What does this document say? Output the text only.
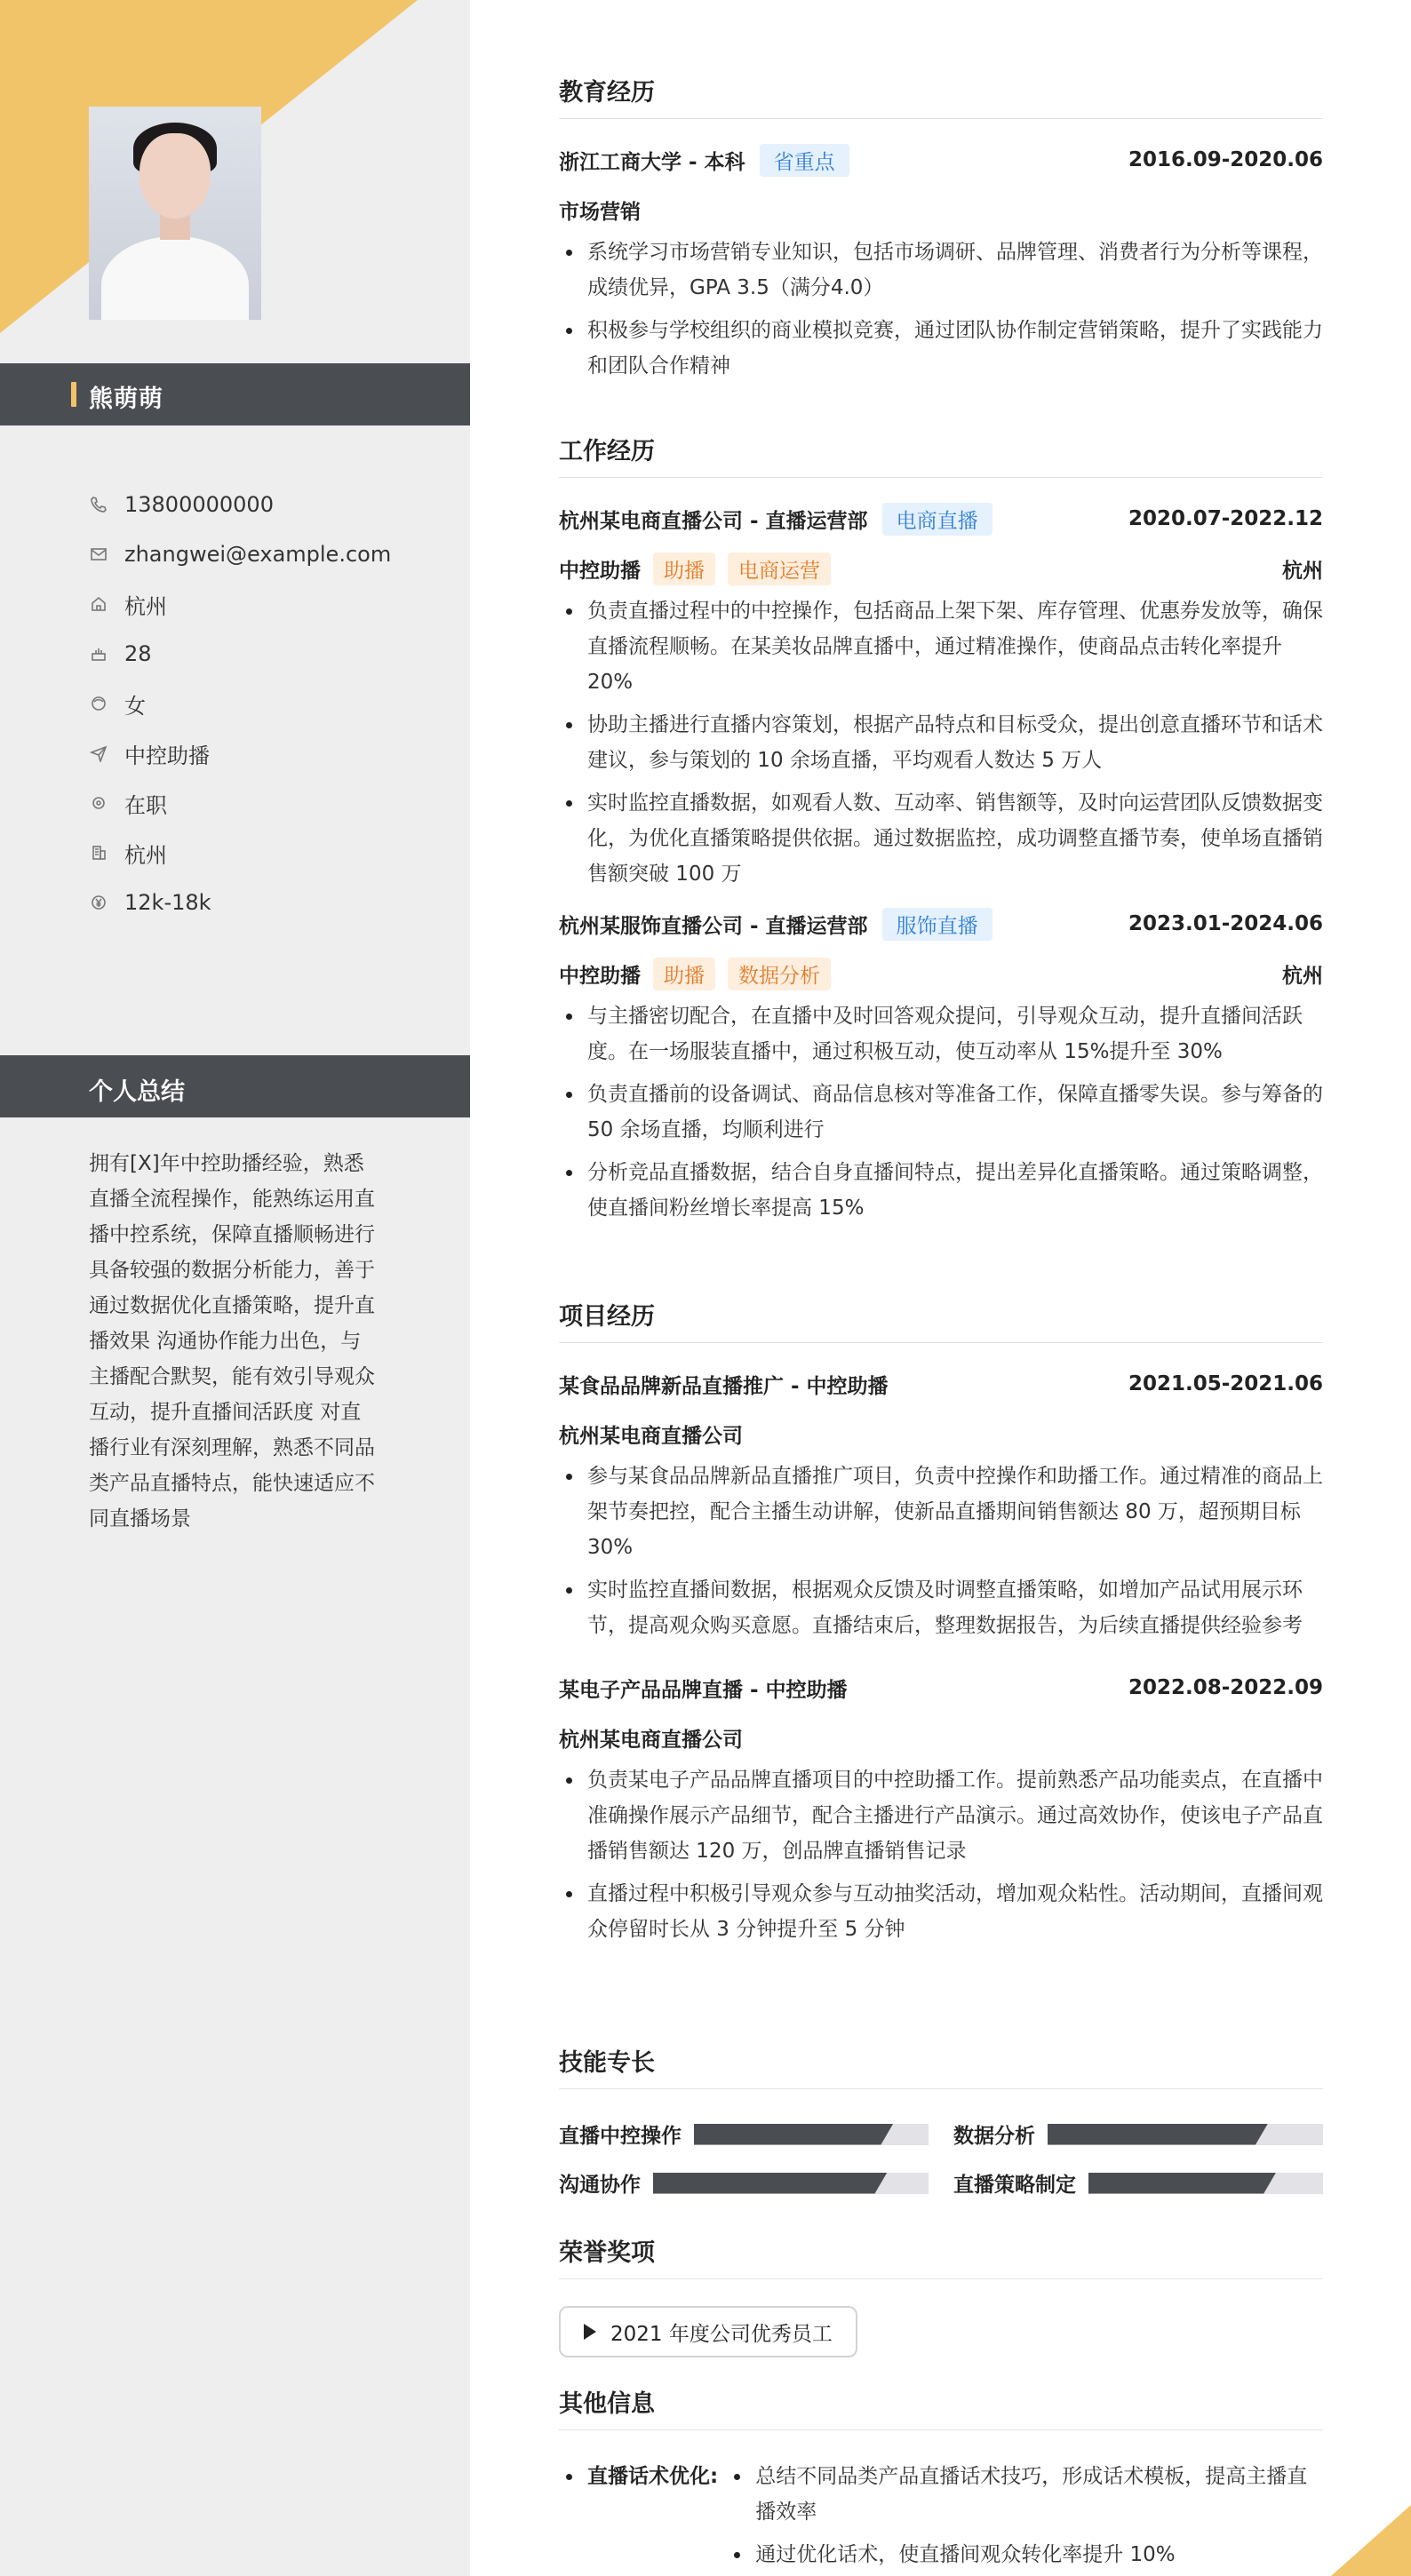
熊萌萌
13800000000
zhangwei@example.com
杭州
28
女
中控助播
在职
杭州
12k-18k
个人总结
拥有[X]年中控助播经验，熟悉直播全流程操作，能熟练运用直播中控系统，保障直播顺畅进行 具备较强的数据分析能力，善于通过数据优化直播策略，提升直播效果 沟通协作能力出色，与主播配合默契，能有效引导观众互动，提升直播间活跃度 对直播行业有深刻理解，熟悉不同品类产品直播特点，能快速适应不同直播场景
教育经历
浙江工商大学 - 本科	省重点	2016.09-2020.06
市场营销
系统学习市场营销专业知识，包括市场调研、品牌管理、消费者行为分析等课程，成绩优异，GPA 3.5（满分4.0）
积极参与学校组织的商业模拟竞赛，通过团队协作制定营销策略，提升了实践能力和团队合作精神
工作经历
杭州某电商直播公司 - 直播运营部	电商直播	2020.07-2022.12
中控助播	助播	电商运营	杭州
负责直播过程中的中控操作，包括商品上架下架、库存管理、优惠券发放等，确保直播流程顺畅。在某美妆品牌直播中，通过精准操作，使商品点击转化率提升 20%
协助主播进行直播内容策划，根据产品特点和目标受众，提出创意直播环节和话术建议，参与策划的 10 余场直播，平均观看人数达 5 万人
实时监控直播数据，如观看人数、互动率、销售额等，及时向运营团队反馈数据变化，为优化直播策略提供依据。通过数据监控，成功调整直播节奏，使单场直播销售额突破 100 万
杭州某服饰直播公司 - 直播运营部	服饰直播	2023.01-2024.06
中控助播	助播	数据分析	杭州
与主播密切配合，在直播中及时回答观众提问，引导观众互动，提升直播间活跃度。在一场服装直播中，通过积极互动，使互动率从 15%提升至 30%
负责直播前的设备调试、商品信息核对等准备工作，保障直播零失误。参与筹备的 50 余场直播，均顺利进行
分析竞品直播数据，结合自身直播间特点，提出差异化直播策略。通过策略调整，使直播间粉丝增长率提高 15%
项目经历
某食品品牌新品直播推广 - 中控助播	2021.05-2021.06
杭州某电商直播公司
参与某食品品牌新品直播推广项目，负责中控操作和助播工作。通过精准的商品上架节奏把控，配合主播生动讲解，使新品直播期间销售额达 80 万，超预期目标 30%
实时监控直播间数据，根据观众反馈及时调整直播策略，如增加产品试用展示环节，提高观众购买意愿。直播结束后，整理数据报告，为后续直播提供经验参考
某电子产品品牌直播 - 中控助播	2022.08-2022.09
杭州某电商直播公司
负责某电子产品品牌直播项目的中控助播工作。提前熟悉产品功能卖点，在直播中准确操作展示产品细节，配合主播进行产品演示。通过高效协作，使该电子产品直播销售额达 120 万，创品牌直播销售记录
直播过程中积极引导观众参与互动抽奖活动，增加观众粘性。活动期间，直播间观众停留时长从 3 分钟提升至 5 分钟
技能专长
直播中控操作	数据分析
沟通协作	直播策略制定
荣誉奖项
2021 年度公司优秀员工
其他信息
直播话术优化:	总结不同品类产品直播话术技巧，形成话术模板，提高主播直播效率
通过优化话术，使直播间观众转化率提升 10%
